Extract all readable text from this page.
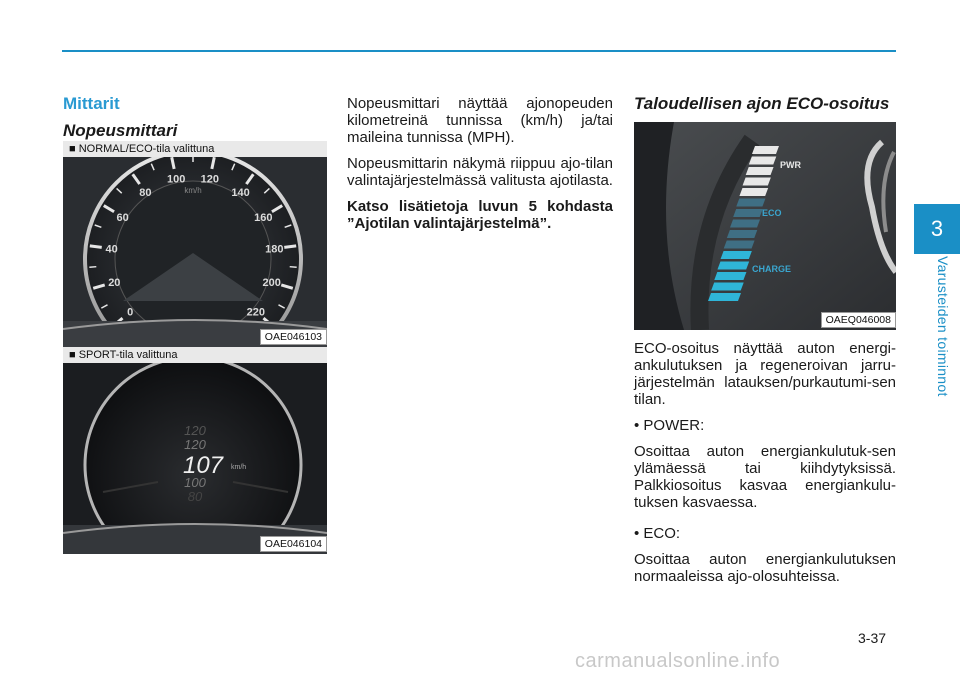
Mittarit
Nopeusmittari
0
20
40
60
80
100 120
140
160
180
200
220
km/h
■ NORMAL/ECO-tila valittuna
OAE046103
120
120
107 km/h
100
80
■ SPORT-tila valittuna
OAE046104

Nopeusmittari näyttää ajonopeuden kilometreinä tunnissa (km/h) ja/tai maileina tunnissa (MPH).

Nopeusmittarin näkymä riippuu ajo-tilan valintajärjestelmässä valitusta ajotilasta.

Katso lisätietoja luvun 5 kohdasta ”Ajotilan valintajärjestelmä”.

Taloudellisen ajon ECO-osoitus
PWR
ECO
CHARGE
OAEQ046008

ECO-osoitus näyttää auton energi-ankulutuksen ja regeneroivan jarru-järjestelmän latauksen/purkautumi-sen tilan.

• POWER:

Osoittaa auton energiankulutuk-sen ylämäessä tai kiihdytyksissä. Palkkiosoitus kasvaa energiankulu-tuksen kasvaessa.

• ECO:

Osoittaa auton energiankulutuksen normaaleissa ajo-olosuhteissa.

3
Varusteiden toiminnot
3-37
carmanualsonline.info
